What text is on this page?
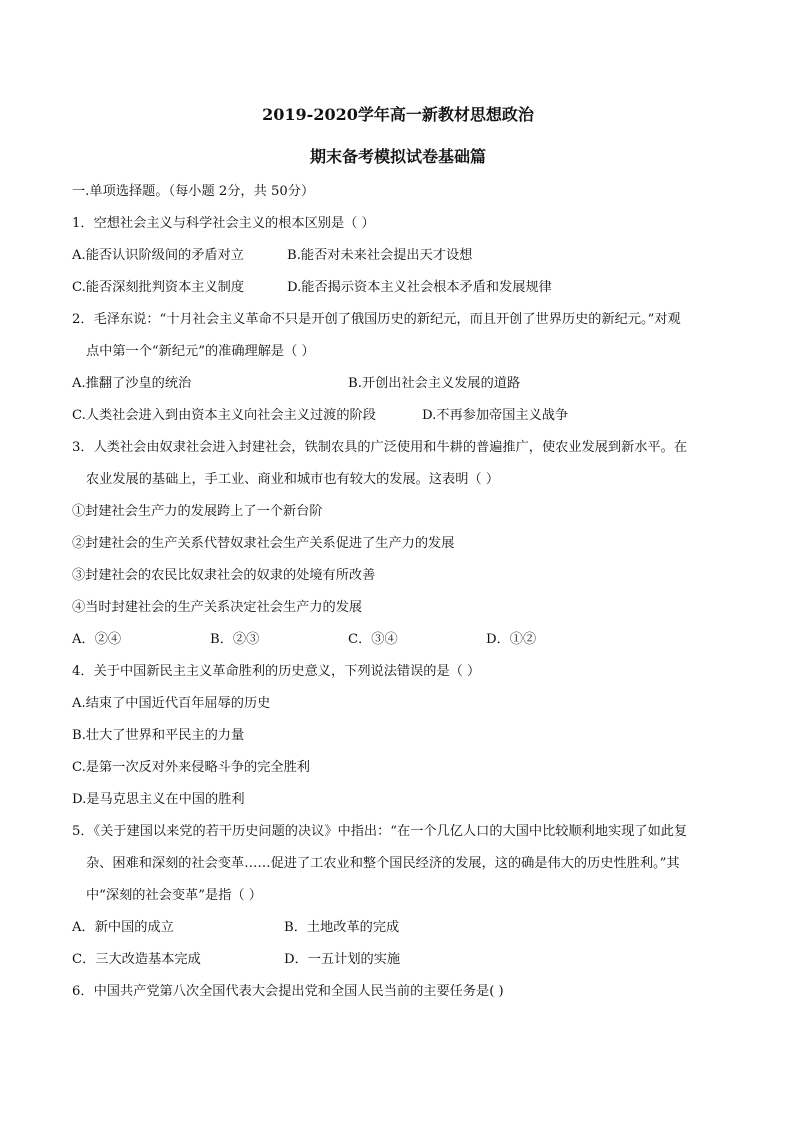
2019-2020学年高一新教材思想政治
期末备考模拟试卷基础篇
一.单项选择题。（每小题 2分，共 50分）
1．空想社会主义与科学社会主义的根本区别是（ ）
A.能否认识阶级间的矛盾对立	B.能否对未来社会提出天才设想
C.能否深刻批判资本主义制度	D.能否揭示资本主义社会根本矛盾和发展规律
2．毛泽东说：“十月社会主义革命不只是开创了俄国历史的新纪元，而且开创了世界历史的新纪元。”对观
点中第一个“新纪元”的准确理解是（ ）
A.推翻了沙皇的统治	B.开创出社会主义发展的道路
C.人类社会进入到由资本主义向社会主义过渡的阶段	D.不再参加帝国主义战争
3．人类社会由奴隶社会进入封建社会，铁制农具的广泛使用和牛耕的普遍推广，使农业发展到新水平。在
农业发展的基础上，手工业、商业和城市也有较大的发展。这表明（ ）
①封建社会生产力的发展跨上了一个新台阶
②封建社会的生产关系代替奴隶社会生产关系促进了生产力的发展
③封建社会的农民比奴隶社会的奴隶的处境有所改善
④当时封建社会的生产关系决定社会生产力的发展
A．②④	B．②③	C．③④	D．①②
4．关于中国新民主主义革命胜利的历史意义，下列说法错误的是（ ）
A.结束了中国近代百年屈辱的历史
B.壮大了世界和平民主的力量
C.是第一次反对外来侵略斗争的完全胜利
D.是马克思主义在中国的胜利
5．《关于建国以来党的若干历史问题的决议》中指出：“在一个几亿人口的大国中比较顺利地实现了如此复
杂、困难和深刻的社会变革……促进了工农业和整个国民经济的发展，这的确是伟大的历史性胜利。”其
中“深刻的社会变革”是指（ ）
A．新中国的成立	B．土地改革的完成
C．三大改造基本完成	D．一五计划的实施
6．中国共产党第八次全国代表大会提出党和全国人民当前的主要任务是( )
